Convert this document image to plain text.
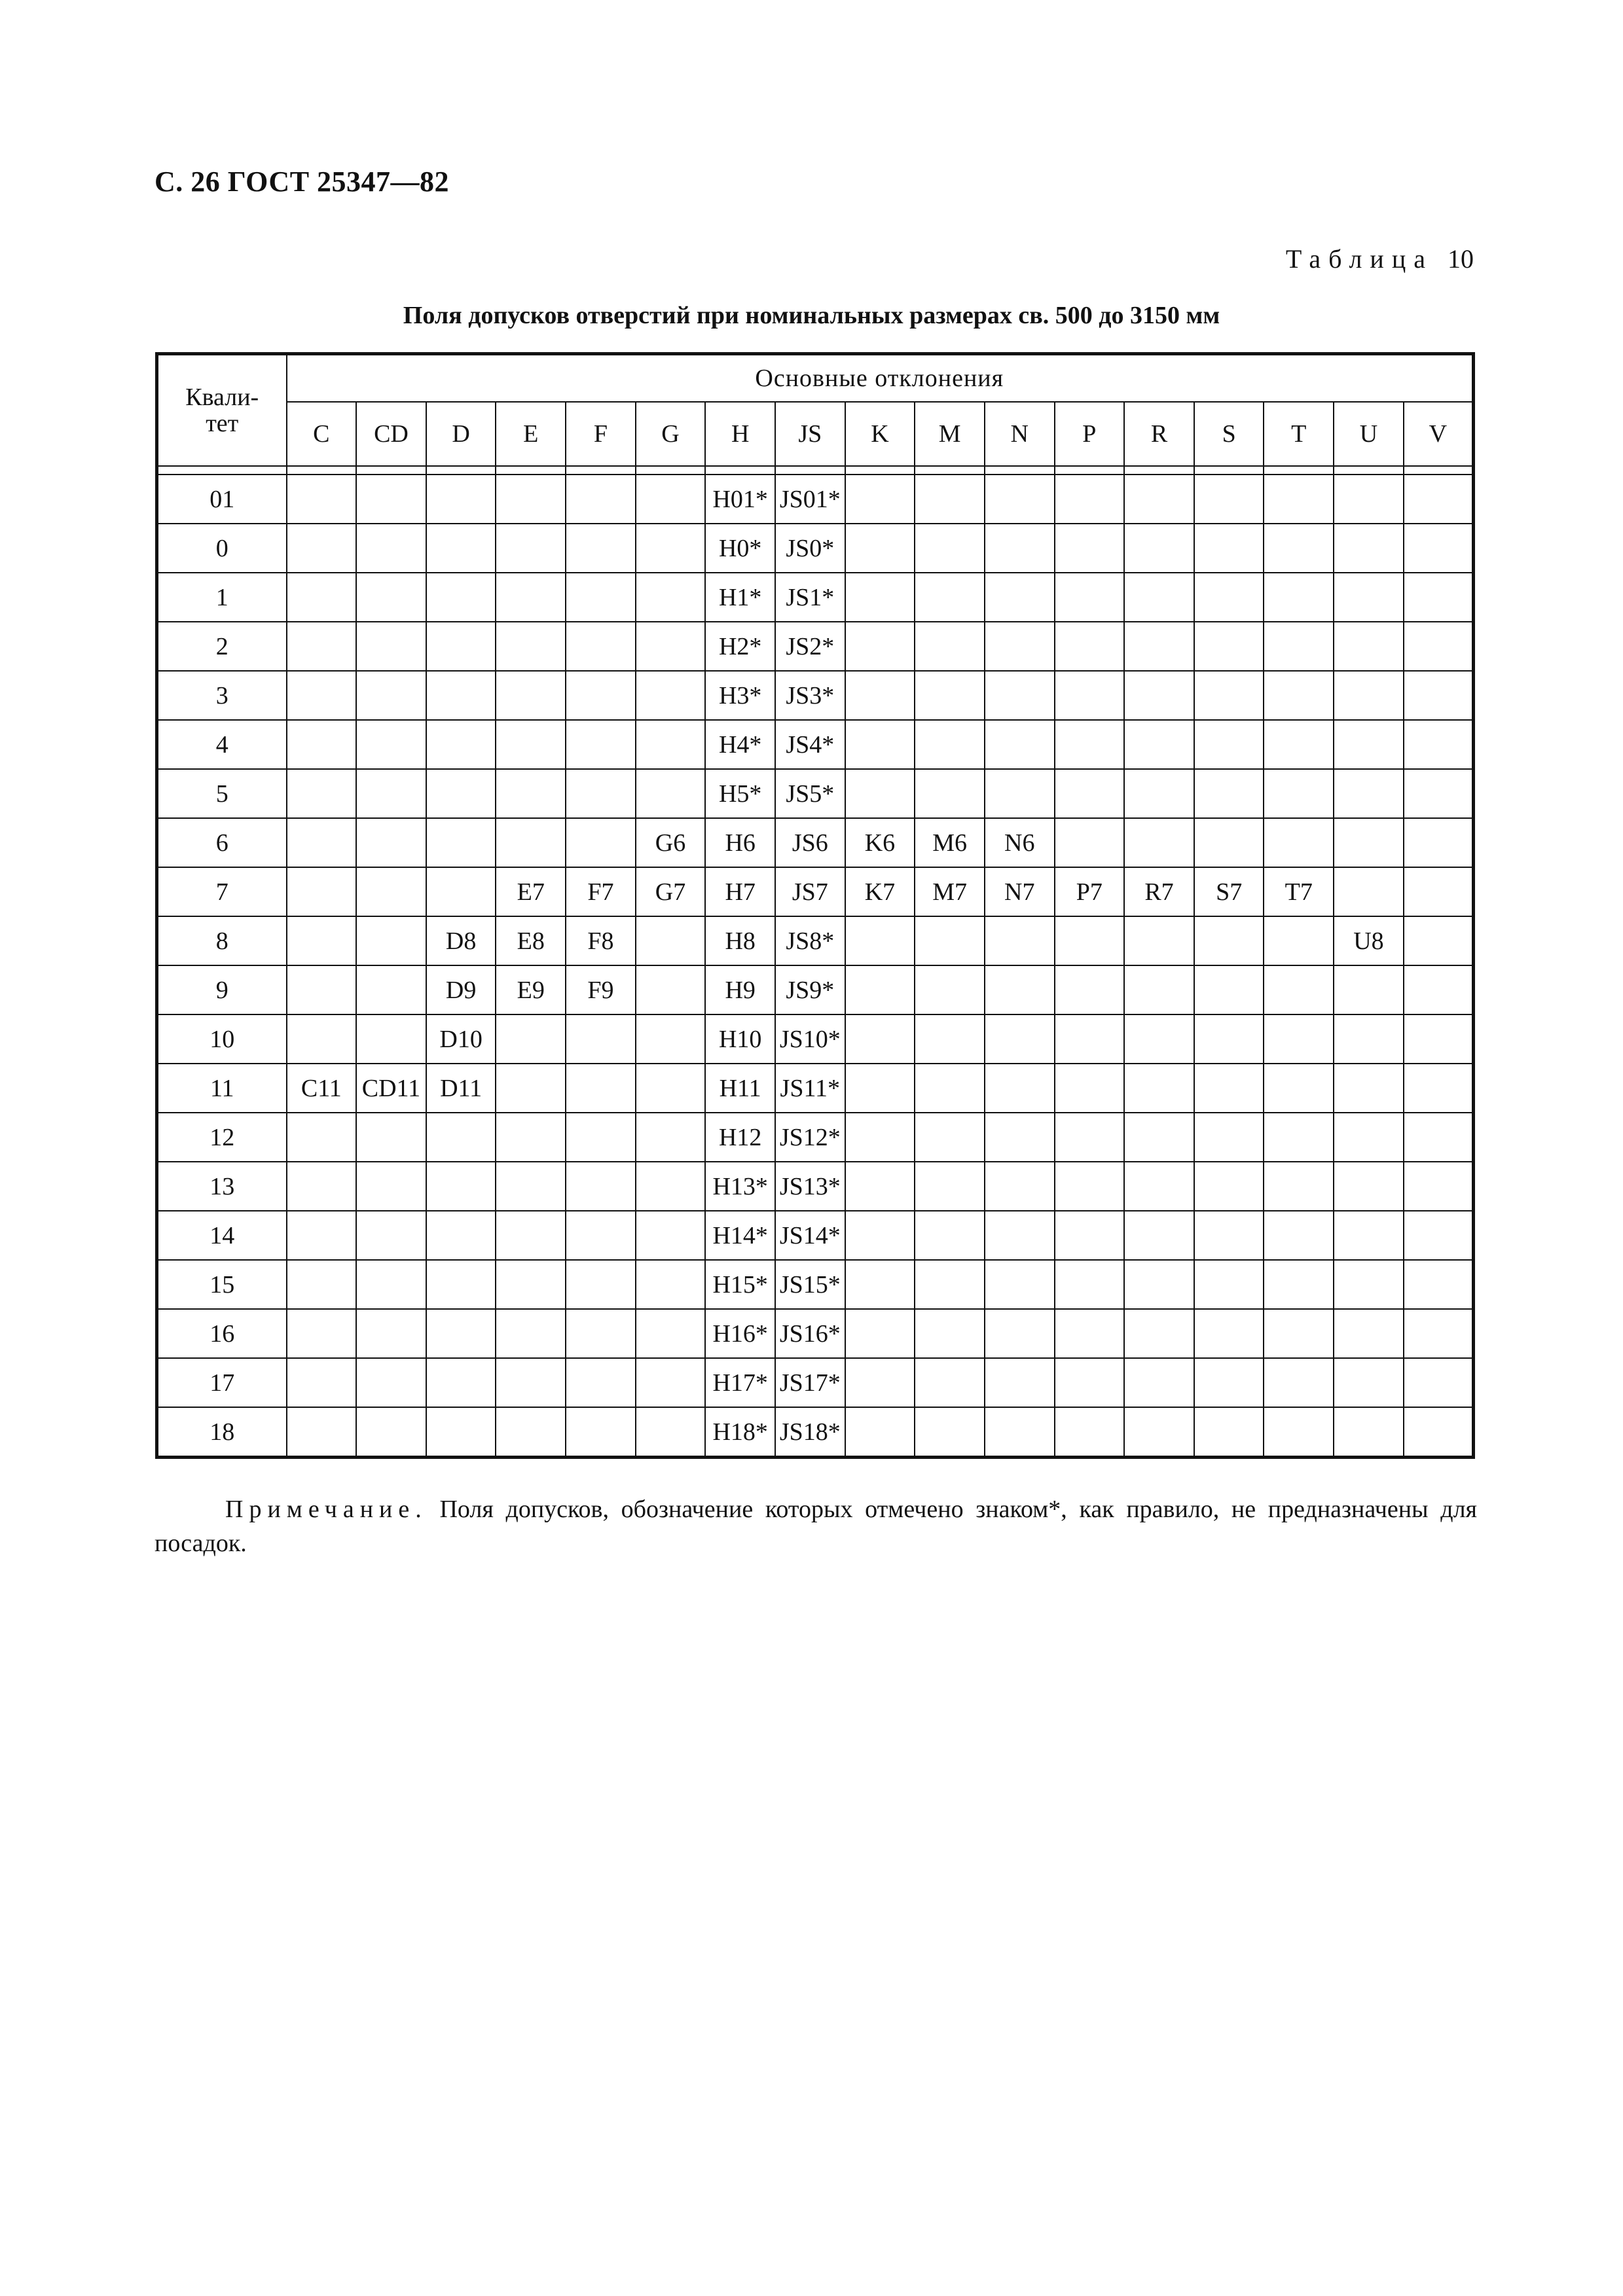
С. 26 ГОСТ 25347—82
Таблица 10
Поля допусков отверстий при номинальных размерах св. 500 до 3150 мм
Квали-
тет	Основные отклонения																
	C	CD	D	E	F	G	H	JS	K	M	N	P	R	S	T	U	V

01							H01*	JS01*									
0							H0*	JS0*									
1							H1*	JS1*									
2							H2*	JS2*									
3							H3*	JS3*									
4							H4*	JS4*									
5							H5*	JS5*									
6						G6	H6	JS6	K6	M6	N6						
7				E7	F7	G7	H7	JS7	K7	M7	N7	P7	R7	S7	T7		
8			D8	E8	F8		H8	JS8*								U8	
9			D9	E9	F9		H9	JS9*									
10			D10				H10	JS10*									
11	C11	CD11	D11				H11	JS11*									
12							H12	JS12*									
13							H13*	JS13*									
14							H14*	JS14*									
15							H15*	JS15*									
16							H16*	JS16*									
17							H17*	JS17*									
18							H18*	JS18*									
Примечание. Поля допусков, обозначение которых отмечено знаком*, как правило, не предназначены для посадок.
